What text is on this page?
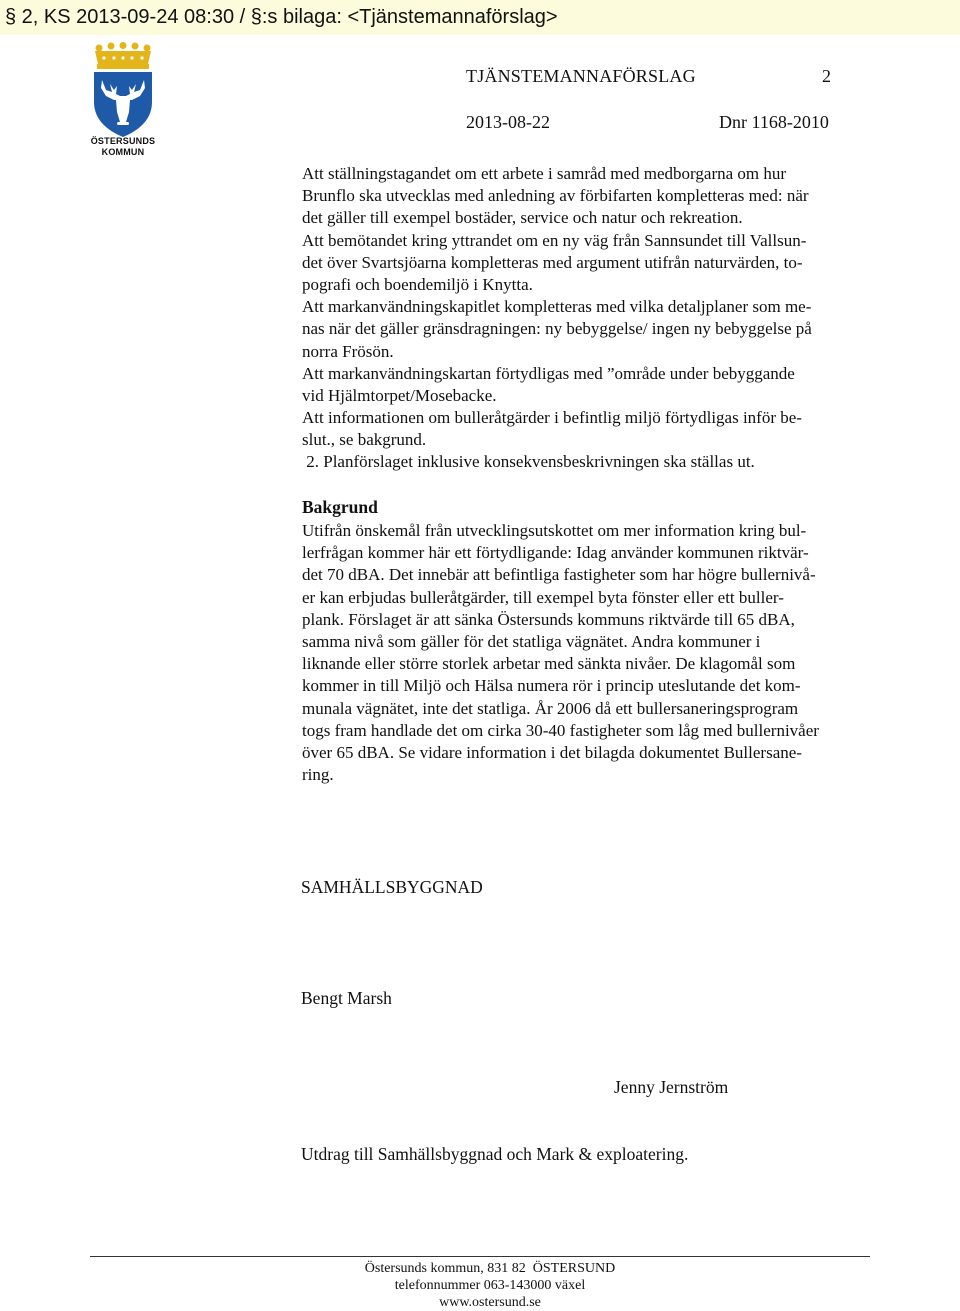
§ 2, KS 2013-09-24 08:30 / §:s bilaga: <Tjänstemannaförslag>
ÖSTERSUNDS
KOMMUN
TJÄNSTEMANNAFÖRSLAG	2
2013-08-22	Dnr 1168-2010
Att ställningstagandet om ett arbete i samråd med medborgarna om hur
Brunflo ska utvecklas med anledning av förbifarten kompletteras med: när
det gäller till exempel bostäder, service och natur och rekreation.
Att bemötandet kring yttrandet om en ny väg från Sannsundet till Vallsun-
det över Svartsjöarna kompletteras med argument utifrån naturvärden, to-
pografi och boendemiljö i Knytta.
Att markanvändningskapitlet kompletteras med vilka detaljplaner som me-
nas när det gäller gränsdragningen: ny bebyggelse/ ingen ny bebyggelse på
norra Frösön.
Att markanvändningskartan förtydligas med ”område under bebyggande
vid Hjälmtorpet/Mosebacke.
Att informationen om bulleråtgärder i befintlig miljö förtydligas inför be-
slut., se bakgrund.
2. Planförslaget inklusive konsekvensbeskrivningen ska ställas ut.
Bakgrund
Utifrån önskemål från utvecklingsutskottet om mer information kring bul-
lerfrågan kommer här ett förtydligande: Idag använder kommunen riktvär-
det 70 dBA. Det innebär att befintliga fastigheter som har högre bullernivå-
er kan erbjudas bulleråtgärder, till exempel byta fönster eller ett buller-
plank. Förslaget är att sänka Östersunds kommuns riktvärde till 65 dBA,
samma nivå som gäller för det statliga vägnätet. Andra kommuner i
liknande eller större storlek arbetar med sänkta nivåer. De klagomål som
kommer in till Miljö och Hälsa numera rör i princip uteslutande det kom-
munala vägnätet, inte det statliga. År 2006 då ett bullersaneringsprogram
togs fram handlade det om cirka 30-40 fastigheter som låg med bullernivåer
över 65 dBA. Se vidare information i det bilagda dokumentet Bullersane-
ring.
SAMHÄLLSBYGGNAD
Bengt Marsh
Jenny Jernström
Utdrag till Samhällsbyggnad och Mark & exploatering.
Östersunds kommun, 831 82  ÖSTERSUND
telefonnummer 063-143000 växel
www.ostersund.se
